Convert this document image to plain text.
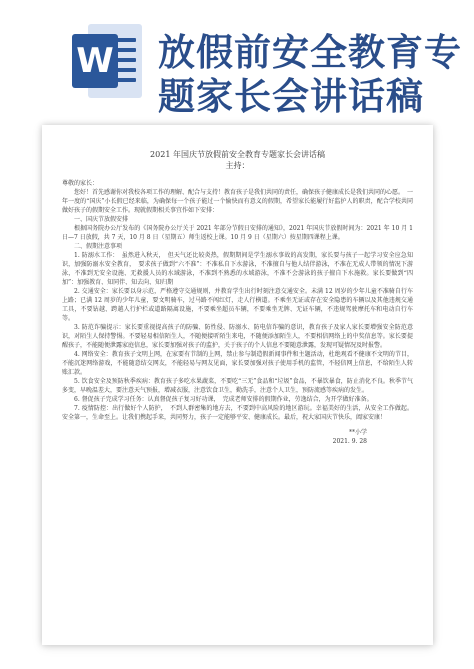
W 放假前安全教育专
题家长会讲话稿
2021 年国庆节放假前安全教育专题家长会讲话稿
主持：

尊敬的家长：

您好！首先感谢你对我校各项工作的理解、配合与支持！教育孩子是我们共同的责任，确保孩子健康成长是我们共同的心愿。　一年一度的“国庆”小长假已经来临，为确保每一个孩子能过一个愉快而有意义的假期，希望家长能履行好监护人的职责，配合学校共同做好孩子的假期安全工作。现就假期相关事宜作如下安排：

一、国庆节放假安排

根据国务院办公厅发布的《国务院办公厅关于 2021 年部分节假日安排的通知》，2021 年国庆节放假时间为：2021 年 10 月 1 日—7 日放假，共 7 天，10 月 8 日（星期五）师生返校上课。10 月 9 日（星期六）按星期四课程上课。

二、假期注意事项

1. 防溺水工作：　虽然进入秋天，　但天气还比较炎热，假期期间是学生溺水事故的高发期，家长要与孩子一起学习安全应急知识，加强防溺水安全教育，　要求孩子做到“六不准”：不准私自下水游泳，不准擅自与他人结伴游泳，不准在无成人带领的情况下游泳，不准到无安全设施、无救援人员的水域游泳，不准到不熟悉的水域游泳，不准不会游泳的孩子擅自下水施救。家长要做到“四加”：加强教育、知同伴、知去向、知归期

2. 交通安全：家长要以身示范，严格遵守交通规则，并教育学生出行时刻注意交通安全。未满 12 周岁的少年儿童不准骑自行车上路；已满 12 周岁的少年儿童，要文明骑车，过马路不闯红灯，走人行横道。不乘坐无证或存在安全隐患的车辆以及其他违规交通工具，不要钻越、跨越人行护栏或道路隔离设施，不要乘坐超员车辆，不要乘坐无牌、无证车辆，不违规驾驶摩托车和电动自行车等。

3. 防范诈骗提示：家长要重视提高孩子的防骗、防性侵、防溺水、防电信诈骗的意识，教育孩子及家人家长要增强安全防范意识，对陌生人保持警惕。不要轻易相信陌生人，不随便接听陌生来电，不随便添加陌生人，不要相信网络上的中奖信息等。家长要提醒孩子，不能随便泄露家庭信息，家长要加强对孩子的监护，关于孩子的个人信息不要随意泄露，发现可疑情况及时报警。

4. 网络安全：教育孩子文明上网，在家要有节制的上网，禁止参与制造假新闻事件和主题活动，杜绝观看不健康不文明的节目，不能沉迷网络游戏，不能随意结交网友，不能轻易与网友见面，家长要加强对孩子使用手机的监管，不轻信网上信息，不给陌生人转账汇款。

5. 饮食安全及预防秋季疾病：教育孩子多吃水果蔬菜，不要吃“三无”食品和“垃圾”食品，不暴饮暴食，防止消化不良。秋季节气多变，早晚温差大，要注意天气预报，增减衣服，注意饮食卫生，勤洗手，注意个人卫生，预防流感等疾病的发生。

6. 督促孩子完成学习任务：认真督促孩子复习好功课，　完成老师安排的假期作业，劳逸结合，为开学做好准备。

7. 疫情防控：出行做好个人防护，　不到人群密集的地方去，不要到中高风险的地区游玩。幸福美好的生活，从安全工作做起。安全第一，生命至上。让我们携起手来，共同努力，孩子一定能够平安、健康成长。最后，祝大家国庆节快乐，阖家安康！

**小学

2021. 9. 28
